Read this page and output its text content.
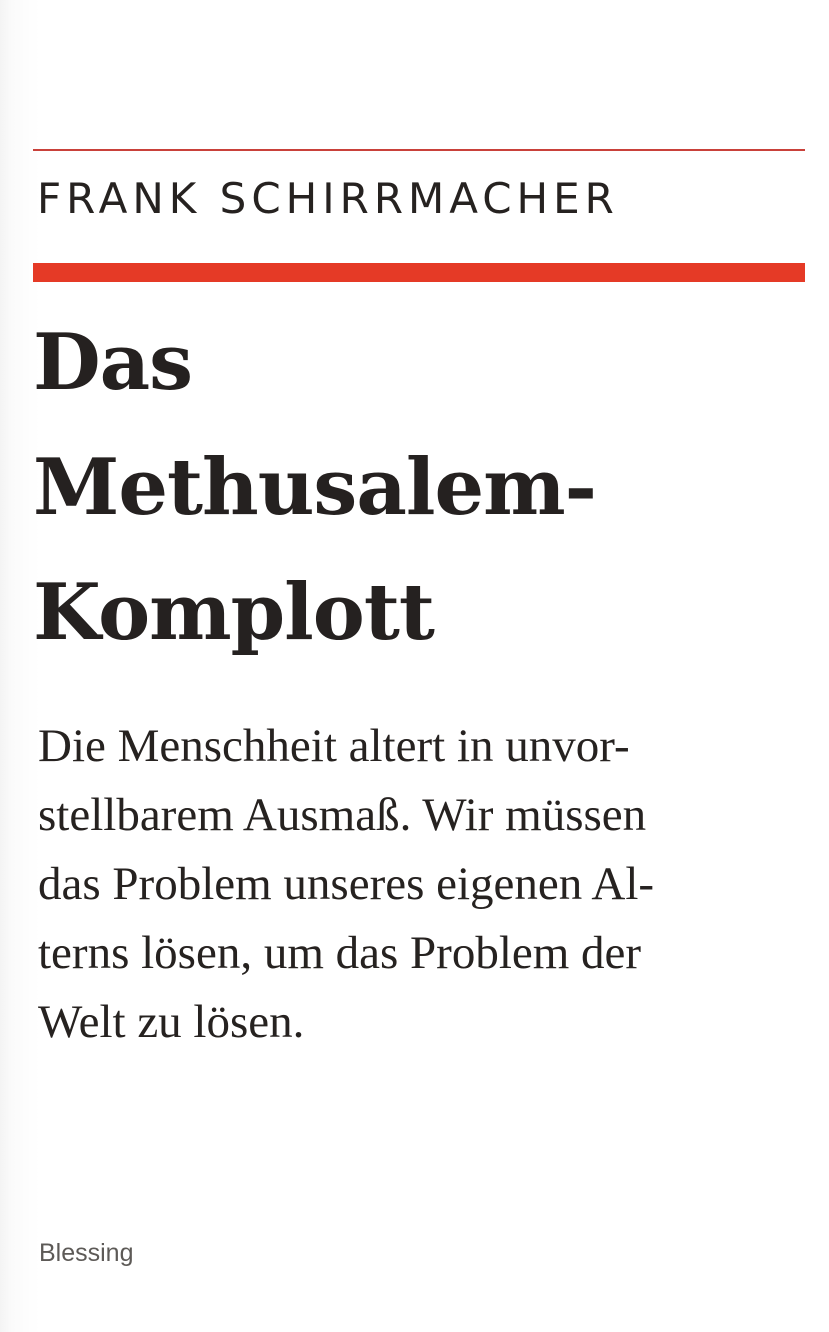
FRANK SCHIRRMACHER
Das
Methusalem-
Komplott
Die Menschheit altert in unvor-
stellbarem Ausmaß. Wir müssen
das Problem unseres eigenen Al-
terns lösen, um das Problem der
Welt zu lösen.
Blessing
